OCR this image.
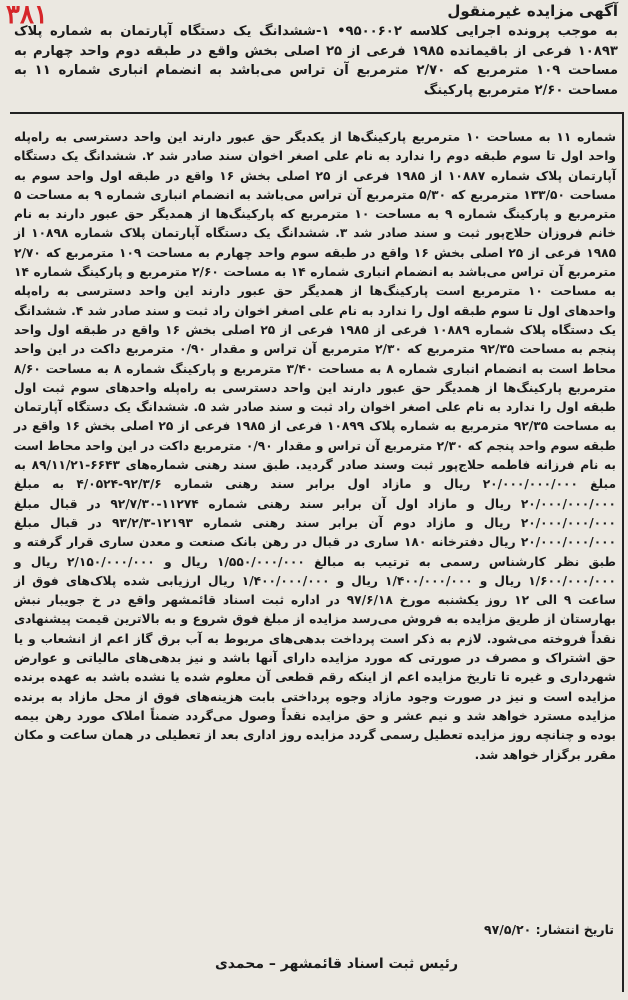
۳۸۱	آگهی مزایده غیرمنقول
به موجب پرونده اجرایی کلاسه ۹۵۰۰۶۰۲• ۱-ششدانگ یک دستگاه آپارتمان به شماره پلاک ۱۰۸۹۳ فرعی از باقیمانده ۱۹۸۵ فرعی از ۲۵ اصلی بخش واقع در طبقه دوم واحد چهارم به مساحت ۱۰۹ مترمربع که ۲/۷۰ مترمربع آن تراس می‌باشد به انضمام انباری شماره ۱۱ به مساحت ۲/۶۰ مترمربع پارکینگ
شماره ۱۱ به مساحت ۱۰ مترمربع پارکینگ‌ها از یکدیگر حق عبور دارند این واحد دسترسی به راه‌پله واحد اول تا سوم طبقه دوم را ندارد به نام علی اصغر اخوان سند صادر شد ۲. ششدانگ یک دستگاه آپارتمان پلاک شماره ۱۰۸۸۷ از ۱۹۸۵ فرعی از ۲۵ اصلی بخش ۱۶ واقع در طبقه اول واحد سوم به مساحت ۱۳۳/۵۰ مترمربع که ۵/۳۰ مترمربع آن تراس می‌باشد به انضمام انباری شماره ۹ به مساحت ۵ مترمربع و پارکینگ شماره ۹ به مساحت ۱۰ مترمربع که پارکینگ‌ها از همدیگر حق عبور دارند به نام خانم فروزان حلاج‌پور ثبت و سند صادر شد ۳. ششدانگ یک دستگاه آپارتمان پلاک شماره ۱۰۸۹۸ از ۱۹۸۵ فرعی از ۲۵ اصلی بخش ۱۶ واقع در طبقه سوم واحد چهارم به مساحت ۱۰۹ مترمربع که ۲/۷۰ مترمربع آن تراس می‌باشد به انضمام انباری شماره ۱۴ به مساحت ۲/۶۰ مترمربع و پارکینگ شماره ۱۴ به مساحت ۱۰ مترمربع است پارکینگ‌ها از همدیگر حق عبور دارند این واحد دسترسی به راه‌پله واحدهای اول تا سوم طبقه اول را ندارد به نام علی اصغر اخوان راد ثبت و سند صادر شد ۴. ششدانگ یک دستگاه پلاک شماره ۱۰۸۸۹ فرعی از ۱۹۸۵ فرعی از ۲۵ اصلی بخش ۱۶ واقع در طبقه اول واحد پنجم به مساحت ۹۲/۳۵ مترمربع که ۲/۳۰ مترمربع آن تراس و مقدار ۰/۹۰ مترمربع داکت در این واحد محاط است به انضمام انباری شماره ۸ به مساحت ۳/۴۰ مترمربع و پارکینگ شماره ۸ به مساحت ۸/۶۰ مترمربع پارکینگ‌ها از همدیگر حق عبور دارند این واحد دسترسی به راه‌پله واحدهای سوم ثبت اول طبقه اول را ندارد به نام علی اصغر اخوان راد ثبت و سند صادر شد ۵. ششدانگ یک دستگاه آپارتمان به مساحت ۹۲/۳۵ مترمربع به شماره پلاک ۱۰۸۹۹ فرعی از ۱۹۸۵ فرعی از ۲۵ اصلی بخش ۱۶ واقع در طبقه سوم واحد پنجم که ۲/۳۰ مترمربع آن تراس و مقدار ۰/۹۰ مترمربع داکت در این واحد محاط است به نام فرزانه فاطمه حلاج‌پور ثبت وسند صادر گردید. طبق سند رهنی شماره‌های ۶۶۴۳-۸۹/۱۱/۲۱ به مبلغ ۲۰/۰۰۰/۰۰۰/۰۰۰ ریال و مازاد اول برابر سند رهنی شماره ۹۲/۳/۶-۴/۰۵۲۴ به مبلغ ۲۰/۰۰۰/۰۰۰/۰۰۰ ریال و مازاد اول آن برابر سند رهنی شماره ۱۱۲۷۴-۹۲/۷/۳۰ در قبال مبلغ ۲۰/۰۰۰/۰۰۰/۰۰۰ ریال و مازاد دوم آن برابر سند رهنی شماره ۱۲۱۹۳-۹۳/۲/۳ در قبال مبلغ ۲۰/۰۰۰/۰۰۰/۰۰۰ ریال دفترخانه ۱۸۰ ساری در قبال در رهن بانک صنعت و معدن ساری قرار گرفته و طبق نظر کارشناس رسمی به ترتیب به مبالغ ۱/۵۵۰/۰۰۰/۰۰۰ ریال و ۲/۱۵۰/۰۰۰/۰۰۰ ریال و ۱/۶۰۰/۰۰۰/۰۰۰ ریال و ۱/۴۰۰/۰۰۰/۰۰۰ ریال و ۱/۴۰۰/۰۰۰/۰۰۰ ریال ارزیابی شده پلاک‌های فوق از ساعت ۹ الی ۱۲ روز یکشنبه مورخ ۹۷/۶/۱۸ در اداره ثبت اسناد قائمشهر واقع در خ جویبار نبش بهارستان از طریق مزایده به فروش می‌رسد مزایده از مبلغ فوق شروع و به بالاترین قیمت پیشنهادی نقداً فروخته می‌شود. لازم به ذکر است پرداخت بدهی‌های مربوط به آب برق گاز اعم از انشعاب و یا حق اشتراک و مصرف در صورتی که مورد مزایده دارای آنها باشد و نیز بدهی‌های مالیاتی و عوارض شهرداری و غیره تا تاریخ مزایده اعم از اینکه رقم قطعی آن معلوم شده یا نشده باشد به عهده برنده مزایده است و نیز در صورت وجود مازاد وجوه پرداختی بابت هزینه‌های فوق از محل مازاد به برنده مزایده مسترد خواهد شد و نیم عشر و حق مزایده نقداً وصول می‌گردد ضمناً املاک مورد رهن بیمه بوده و چنانچه روز مزایده تعطیل رسمی گردد مزایده روز اداری بعد از تعطیلی در همان ساعت و مکان مقرر برگزار خواهد شد.
تاریخ انتشار: ۹۷/۵/۲۰
رئیس ثبت اسناد قائمشهر – محمدی
